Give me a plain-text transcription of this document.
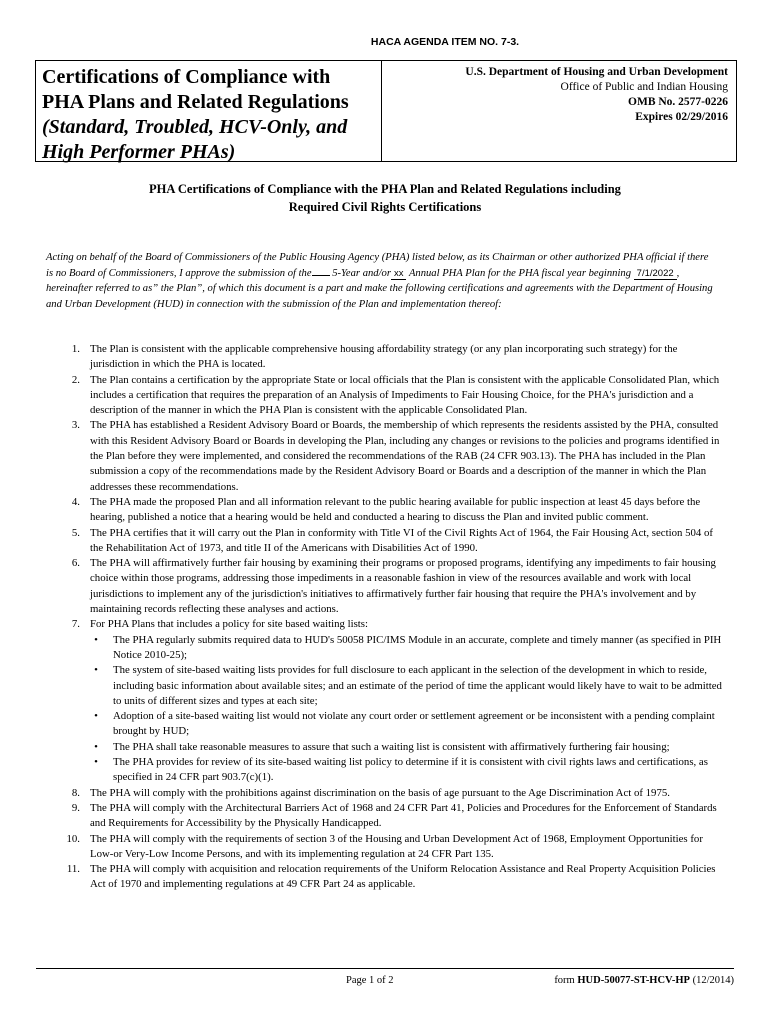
HACA AGENDA ITEM NO. 7-3.
Certifications of Compliance with
PHA Plans and Related Regulations
(Standard, Troubled, HCV-Only, and
High Performer PHAs)
U.S. Department of Housing and Urban Development
Office of Public and Indian Housing
OMB No. 2577-0226
Expires 02/29/2016
PHA Certifications of Compliance with the PHA Plan and Related Regulations including
Required Civil Rights Certifications
Acting on behalf of the Board of Commissioners of the Public Housing Agency (PHA) listed below, as its Chairman or other authorized PHA official if there is no Board of Commissioners, I approve the submission of the 5-Year and/or xx Annual PHA Plan for the PHA fiscal year beginning 7/1/2022 , hereinafter referred to as” the Plan”, of which this document is a part and make the following certifications and agreements with the Department of Housing and Urban Development (HUD) in connection with the submission of the Plan and implementation thereof:
1. The Plan is consistent with the applicable comprehensive housing affordability strategy (or any plan incorporating such strategy) for the jurisdiction in which the PHA is located.
2. The Plan contains a certification by the appropriate State or local officials that the Plan is consistent with the applicable Consolidated Plan, which includes a certification that requires the preparation of an Analysis of Impediments to Fair Housing Choice, for the PHA's jurisdiction and a description of the manner in which the PHA Plan is consistent with the applicable Consolidated Plan.
3. The PHA has established a Resident Advisory Board or Boards, the membership of which represents the residents assisted by the PHA, consulted with this Resident Advisory Board or Boards in developing the Plan, including any changes or revisions to the policies and programs identified in the Plan before they were implemented, and considered the recommendations of the RAB (24 CFR 903.13). The PHA has included in the Plan submission a copy of the recommendations made by the Resident Advisory Board or Boards and a description of the manner in which the Plan addresses these recommendations.
4. The PHA made the proposed Plan and all information relevant to the public hearing available for public inspection at least 45 days before the hearing, published a notice that a hearing would be held and conducted a hearing to discuss the Plan and invited public comment.
5. The PHA certifies that it will carry out the Plan in conformity with Title VI of the Civil Rights Act of 1964, the Fair Housing Act, section 504 of the Rehabilitation Act of 1973, and title II of the Americans with Disabilities Act of 1990.
6. The PHA will affirmatively further fair housing by examining their programs or proposed programs, identifying any impediments to fair housing choice within those programs, addressing those impediments in a reasonable fashion in view of the resources available and work with local jurisdictions to implement any of the jurisdiction's initiatives to affirmatively further fair housing that require the PHA's involvement and by maintaining records reflecting these analyses and actions.
7. For PHA Plans that includes a policy for site based waiting lists:
•	The PHA regularly submits required data to HUD's 50058 PIC/IMS Module in an accurate, complete and timely manner (as specified in PIH Notice 2010-25);
•	The system of site-based waiting lists provides for full disclosure to each applicant in the selection of the development in which to reside, including basic information about available sites; and an estimate of the period of time the applicant would likely have to wait to be admitted to units of different sizes and types at each site;
•	Adoption of a site-based waiting list would not violate any court order or settlement agreement or be inconsistent with a pending complaint brought by HUD;
•	The PHA shall take reasonable measures to assure that such a waiting list is consistent with affirmatively furthering fair housing;
•	The PHA provides for review of its site-based waiting list policy to determine if it is consistent with civil rights laws and certifications, as specified in 24 CFR part 903.7(c)(1).
8. The PHA will comply with the prohibitions against discrimination on the basis of age pursuant to the Age Discrimination Act of 1975.
9. The PHA will comply with the Architectural Barriers Act of 1968 and 24 CFR Part 41, Policies and Procedures for the Enforcement of Standards and Requirements for Accessibility by the Physically Handicapped.
10. The PHA will comply with the requirements of section 3 of the Housing and Urban Development Act of 1968, Employment Opportunities for Low-or Very-Low Income Persons, and with its implementing regulation at 24 CFR Part 135.
11. The PHA will comply with acquisition and relocation requirements of the Uniform Relocation Assistance and Real Property Acquisition Policies Act of 1970 and implementing regulations at 49 CFR Part 24 as applicable.
Page 1 of 2	form HUD-50077-ST-HCV-HP (12/2014)
